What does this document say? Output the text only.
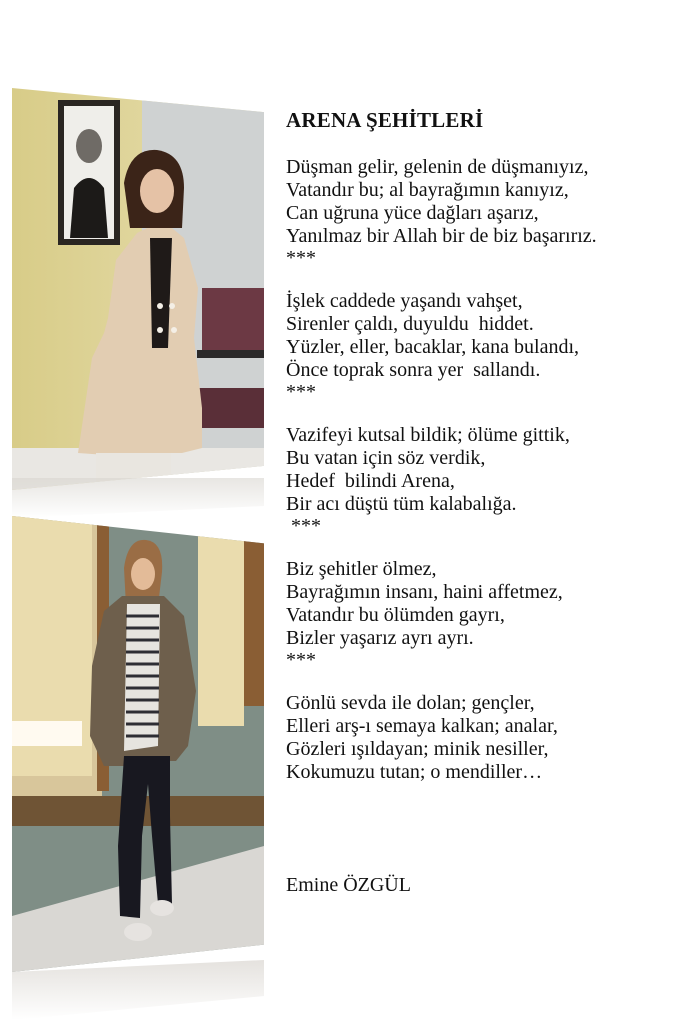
ARENA ŞEHİTLERİ
Düşman gelir, gelenin de düşmanıyız,
Vatandır bu; al bayrağımın kanıyız,
Can uğruna yüce dağları aşarız,
Yanılmaz bir Allah bir de biz başarırız.
***
İşlek caddede yaşandı vahşet,
Sirenler çaldı, duyuldu  hiddet.
Yüzler, eller, bacaklar, kana bulandı,
Önce toprak sonra yer  sallandı.
***
Vazifeyi kutsal bildik; ölüme gittik,
Bu vatan için söz verdik,
Hedef  bilindi Arena,
Bir acı düştü tüm kalabalığa.
***
Biz şehitler ölmez,
Bayrağımın insanı, haini affetmez,
Vatandır bu ölümden gayrı,
Bizler yaşarız ayrı ayrı.
***
Gönlü sevda ile dolan; gençler,
Elleri arş-ı semaya kalkan; analar,
Gözleri ışıldayan; minik nesiller,
Kokumuzu tutan; o mendiller…
Emine ÖZGÜL
